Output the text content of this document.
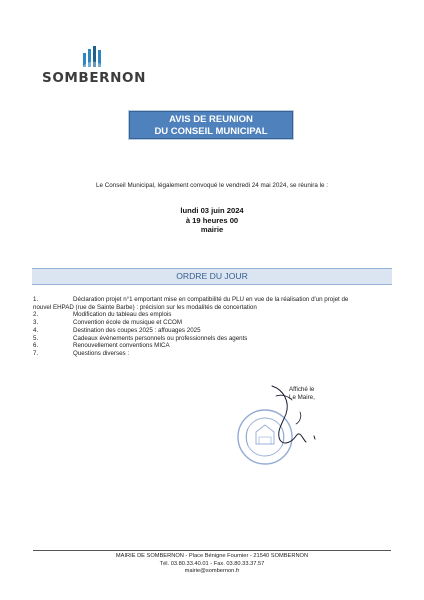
SOMBERNON
AVIS DE REUNION
DU CONSEIL MUNICIPAL
Le Conseil Municipal, légalement convoqué le vendredi 24 mai 2024, se réunira le :
lundi 03 juin 2024
à 19 heures 00
mairie
ORDRE DU JOUR
1.	Déclaration projet n°1 emportant mise en compatibilité du PLU en vue de la réalisation d'un projet de
nouvel EHPAD (rue de Sainte Barbe) : précision sur les modalités de concertation
2.	Modification du tableau des emplois
3.	Convention école de musique et CCOM
4.	Destination des coupes 2025 : affouages 2025
5.	Cadeaux évènements personnels ou professionnels des agents
6.	Renouvellement conventions MICA
7.	Questions diverses :
Affiché le
Le Maire,
MAIRIE DE SOMBERNON - Place Bénigne Fournier - 21540 SOMBERNON
Tél. 03.80.33.40.01 - Fax. 03.80.33.37.57
mairie@sombernon.fr
